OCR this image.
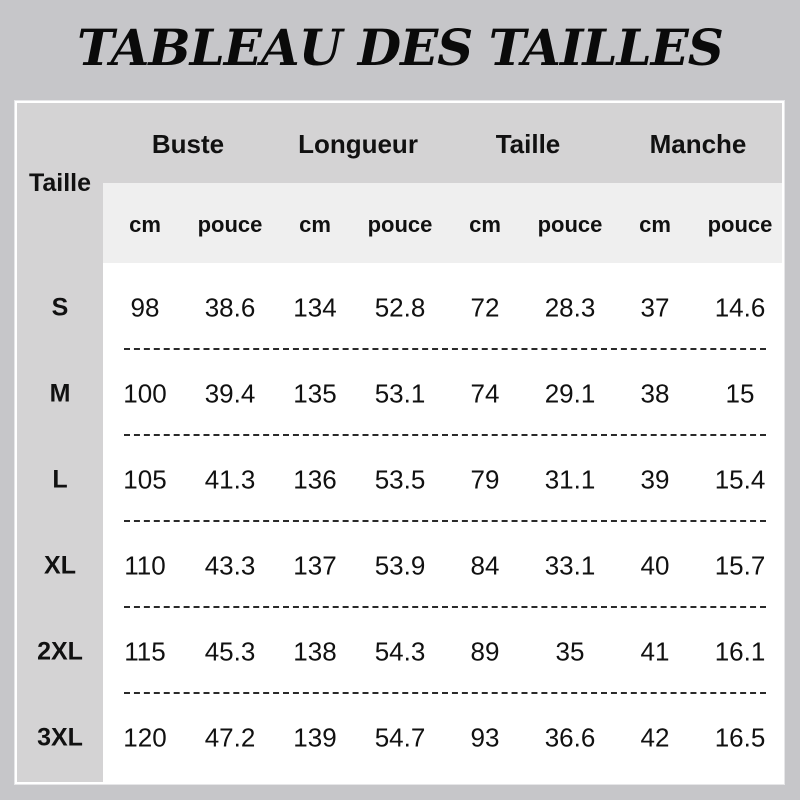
TABLEAU DES TAILLES
Taille
Buste	Longueur	Taille	Manche
cm	pouce	cm	pouce	cm	pouce	cm	pouce
S 98 38.6 134 52.8 72 28.3 37 14.6
M 100 39.4 135 53.1 74 29.1 38 15
L 105 41.3 136 53.5 79 31.1 39 15.4
XL 110 43.3 137 53.9 84 33.1 40 15.7
2XL 115 45.3 138 54.3 89 35 41 16.1
3XL 120 47.2 139 54.7 93 36.6 42 16.5
